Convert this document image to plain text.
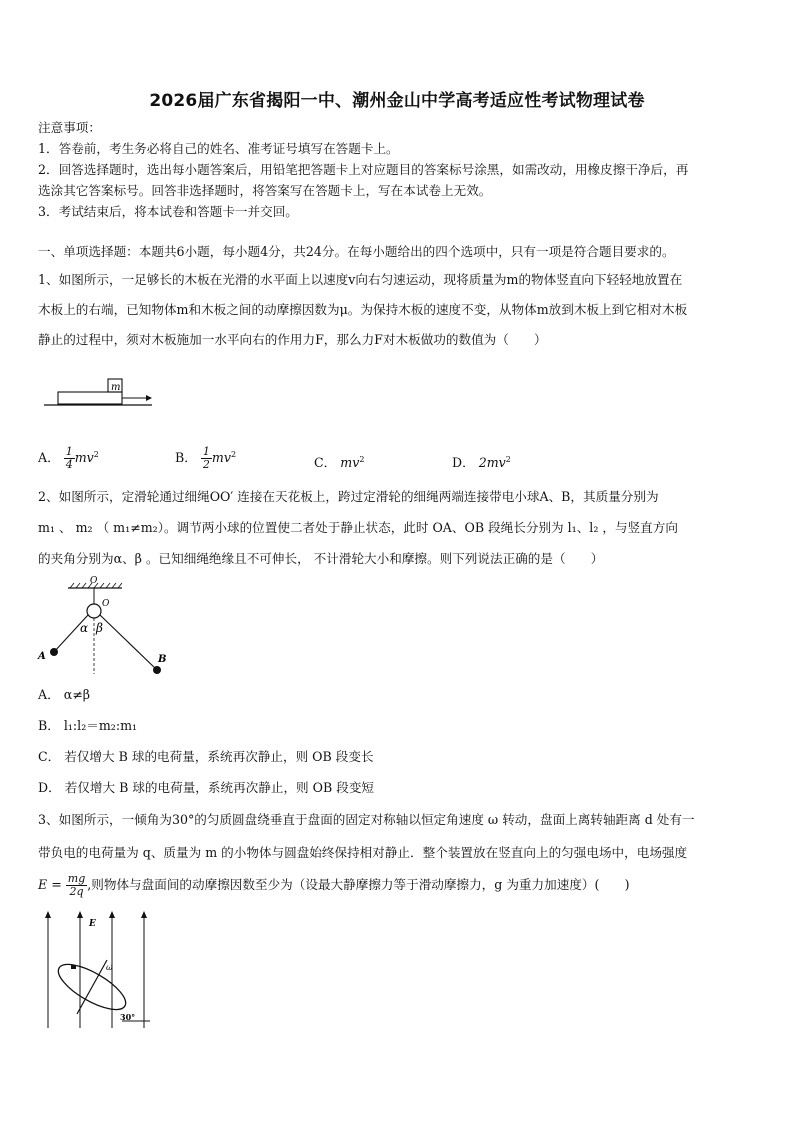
2026届广东省揭阳一中、潮州金山中学高考适应性考试物理试卷
注意事项：
1．答卷前，考生务必将自己的姓名、准考证号填写在答题卡上。
2．回答选择题时，选出每小题答案后，用铅笔把答题卡上对应题目的答案标号涂黑，如需改动，用橡皮擦干净后，再
选涂其它答案标号。回答非选择题时，将答案写在答题卡上，写在本试卷上无效。
3．考试结束后，将本试卷和答题卡一并交回。
一、单项选择题：本题共6小题，每小题4分，共24分。在每小题给出的四个选项中，只有一项是符合题目要求的。
1、如图所示，一足够长的木板在光滑的水平面上以速度v向右匀速运动，现将质量为m的物体竖直向下轻轻地放置在
木板上的右端，已知物体m和木板之间的动摩擦因数为μ。为保持木板的速度不变，从物体m放到木板上到它相对木板
静止的过程中，须对木板施加一水平向右的作用力F，那么力F对木板做功的数值为（　　）
m
A． $\frac{1}{4} mv^2$	B． $\frac{1}{2} mv^2$
C． $mv^2$	D． $2mv^2$
2、如图所示，定滑轮通过细绳OO′ 连接在天花板上，跨过定滑轮的细绳两端连接带电小球A、B，其质量分别为
m₁ 、 m₂ （ m₁≠m₂）。调节两小球的位置使二者处于静止状态，此时 OA、OB 段绳长分别为 l₁、l₂ ，与竖直方向
的夹角分别为α、β 。已知细绳绝缘且不可伸长， 不计滑轮大小和摩擦。则下列说法正确的是（　　）
O
O
α β
A	B
A． α≠β
B． l₁:l₂＝m₂:m₁
C． 若仅增大 B 球的电荷量，系统再次静止，则 OB 段变长
D． 若仅增大 B 球的电荷量，系统再次静止，则 OB 段变短
3、如图所示，一倾角为30°的匀质圆盘绕垂直于盘面的固定对称轴以恒定角速度 ω 转动，盘面上离转轴距离 d 处有一
带负电的电荷量为 q、质量为 m 的小物体与圆盘始终保持相对静止．整个装置放在竖直向上的匀强电场中，电场强度
$E = \frac{mg}{2q}$ ,则物体与盘面间的动摩擦因数至少为（设最大静摩擦力等于滑动摩擦力，g 为重力加速度）(　　)
E
ω
30°
